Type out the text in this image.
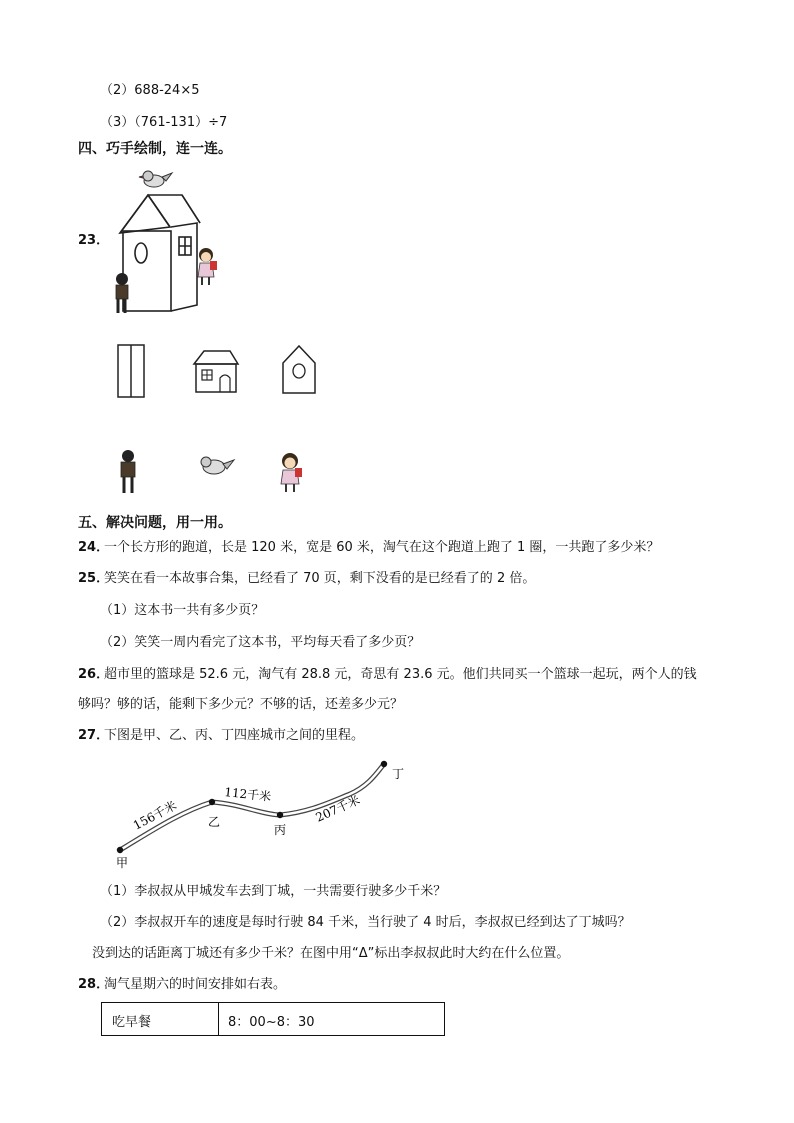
（2）688-24×5
（3）（761-131）÷7
四、巧手绘制，连一连。
23．
五、解决问题，用一用。
24．
一个长方形的跑道，长是 120 米，宽是 60 米，淘气在这个跑道上跑了 1 圈，一共跑了多少米？
25．
笑笑在看一本故事合集，已经看了 70 页，剩下没看的是已经看了的 2 倍。
（1）这本书一共有多少页？
（2）笑笑一周内看完了这本书，平均每天看了多少页？
26．
超市里的篮球是 52.6 元，淘气有 28.8 元，奇思有 23.6 元。他们共同买一个篮球一起玩，两个人的钱
够吗？够的话，能剩下多少元？不够的话，还差多少元？
27．
下图是甲、乙、丙、丁四座城市之间的里程。
甲
乙
丙
丁
156千米
112千米	207千米
（1）李叔叔从甲城发车去到丁城，一共需要行驶多少千米？
（2）李叔叔开车的速度是每时行驶 84 千米，当行驶了 4 时后，李叔叔已经到达了丁城吗？
没到达的话距离丁城还有多少千米？在图中用“Δ”标出李叔叔此时大约在什么位置。
28．
淘气星期六的时间安排如右表。
吃早餐	8：00~8：30
